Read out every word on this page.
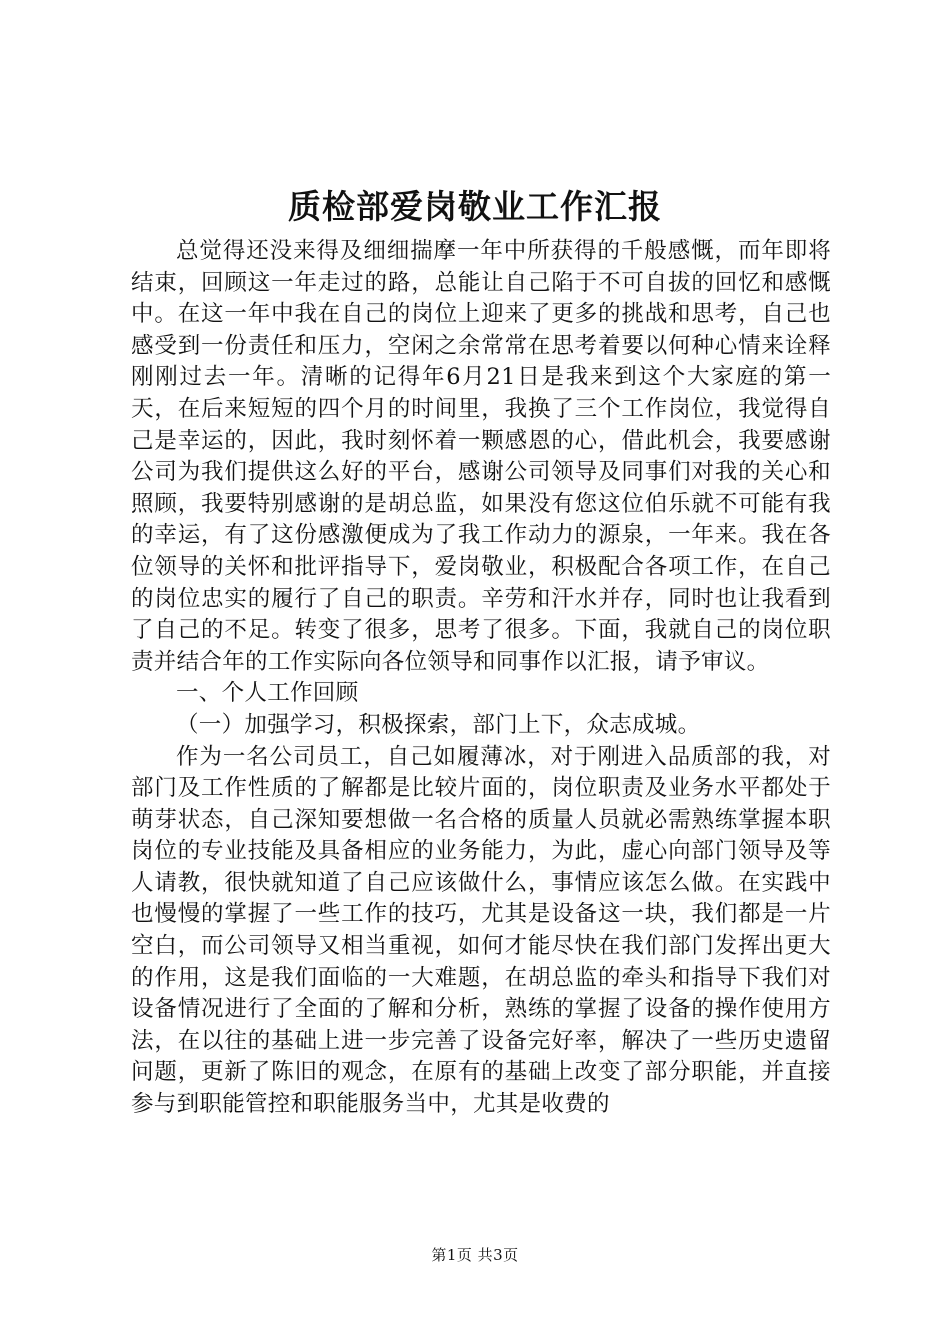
质检部爱岗敬业工作汇报

总觉得还没来得及细细揣摩一年中所获得的千般感慨，而年即将结束，回顾这一年走过的路，总能让自己陷于不可自拔的回忆和感慨中。在这一年中我在自己的岗位上迎来了更多的挑战和思考，自己也感受到一份责任和压力，空闲之余常常在思考着要以何种心情来诠释刚刚过去一年。清晰的记得年6月21日是我来到这个大家庭的第一天，在后来短短的四个月的时间里，我换了三个工作岗位，我觉得自己是幸运的，因此，我时刻怀着一颗感恩的心，借此机会，我要感谢公司为我们提供这么好的平台，感谢公司领导及同事们对我的关心和照顾，我要特别感谢的是胡总监，如果没有您这位伯乐就不可能有我的幸运，有了这份感激便成为了我工作动力的源泉，一年来。我在各位领导的关怀和批评指导下，爱岗敬业，积极配合各项工作，在自己的岗位忠实的履行了自己的职责。辛劳和汗水并存，同时也让我看到了自己的不足。转变了很多，思考了很多。下面，我就自己的岗位职责并结合年的工作实际向各位领导和同事作以汇报，请予审议。

一、个人工作回顾

（一）加强学习，积极探索，部门上下，众志成城。

作为一名公司员工，自己如履薄冰，对于刚进入品质部的我，对部门及工作性质的了解都是比较片面的，岗位职责及业务水平都处于萌芽状态，自己深知要想做一名合格的质量人员就必需熟练掌握本职岗位的专业技能及具备相应的业务能力，为此，虚心向部门领导及等人请教，很快就知道了自己应该做什么，事情应该怎么做。在实践中也慢慢的掌握了一些工作的技巧，尤其是设备这一块，我们都是一片空白，而公司领导又相当重视，如何才能尽快在我们部门发挥出更大的作用，这是我们面临的一大难题，在胡总监的牵头和指导下我们对设备情况进行了全面的了解和分析，熟练的掌握了设备的操作使用方法，在以往的基础上进一步完善了设备完好率，解决了一些历史遗留问题，更新了陈旧的观念，在原有的基础上改变了部分职能，并直接参与到职能管控和职能服务当中，尤其是收费的

第1页 共3页
